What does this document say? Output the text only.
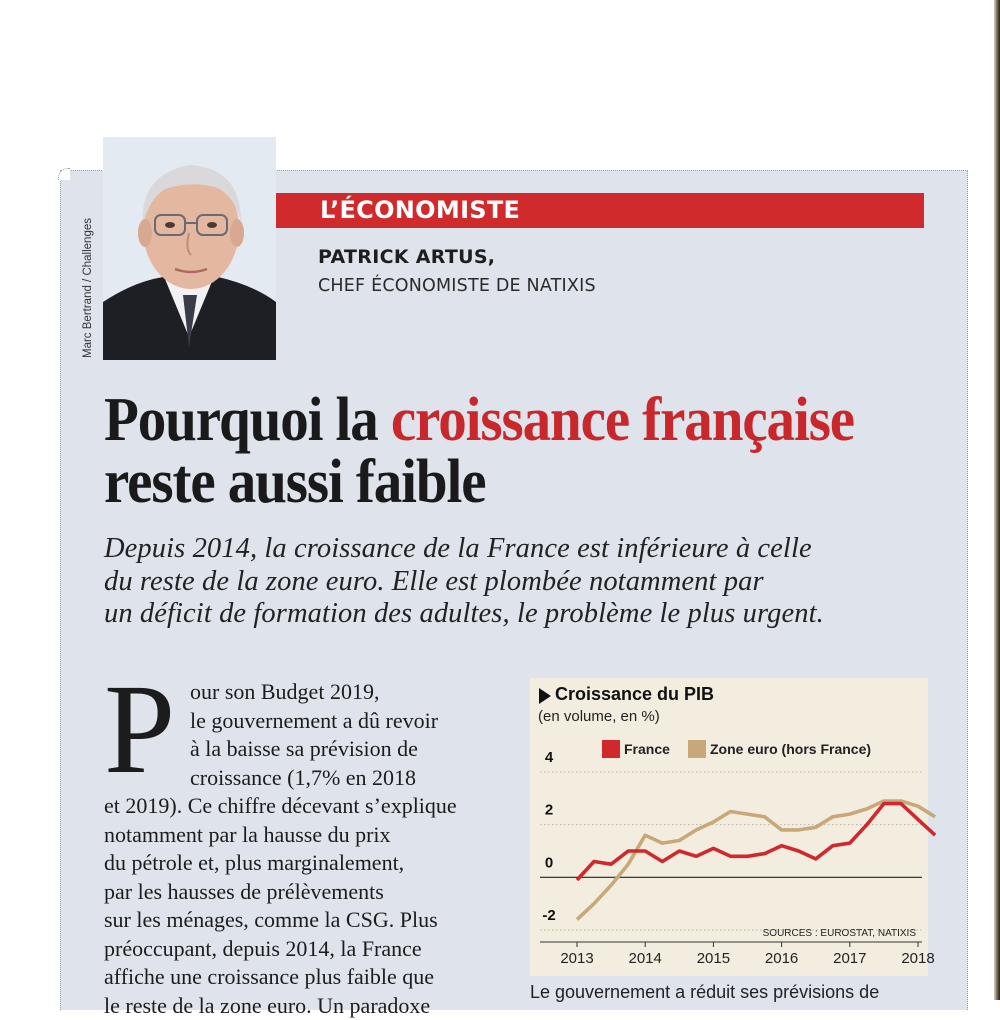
Marc Bertrand / Challenges
L’ÉCONOMISTE
PATRICK ARTUS,
CHEF ÉCONOMISTE DE NATIXIS
Pourquoi la croissance française
reste aussi faible
Depuis 2014, la croissance de la France est inférieure à celle
du reste de la zone euro. Elle est plombée notamment par
un déficit de formation des adultes, le problème le plus urgent.
P our son Budget 2019,
le gouvernement a dû revoir
à la baisse sa prévision de
croissance (1,7% en 2018
et 2019). Ce chiffre décevant s’explique
notamment par la hausse du prix
du pétrole et, plus marginalement,
par les hausses de prélèvements
sur les ménages, comme la CSG. Plus
préoccupant, depuis 2014, la France
affiche une croissance plus faible que
le reste de la zone euro. Un paradoxe
4
2
0
-2
2013 2014 2015 2016 2017 2018
SOURCES : EUROSTAT, NATIXIS
Croissance du PIB
(en volume, en %)
France	Zone euro (hors France)
Le gouvernement a réduit ses prévisions de
